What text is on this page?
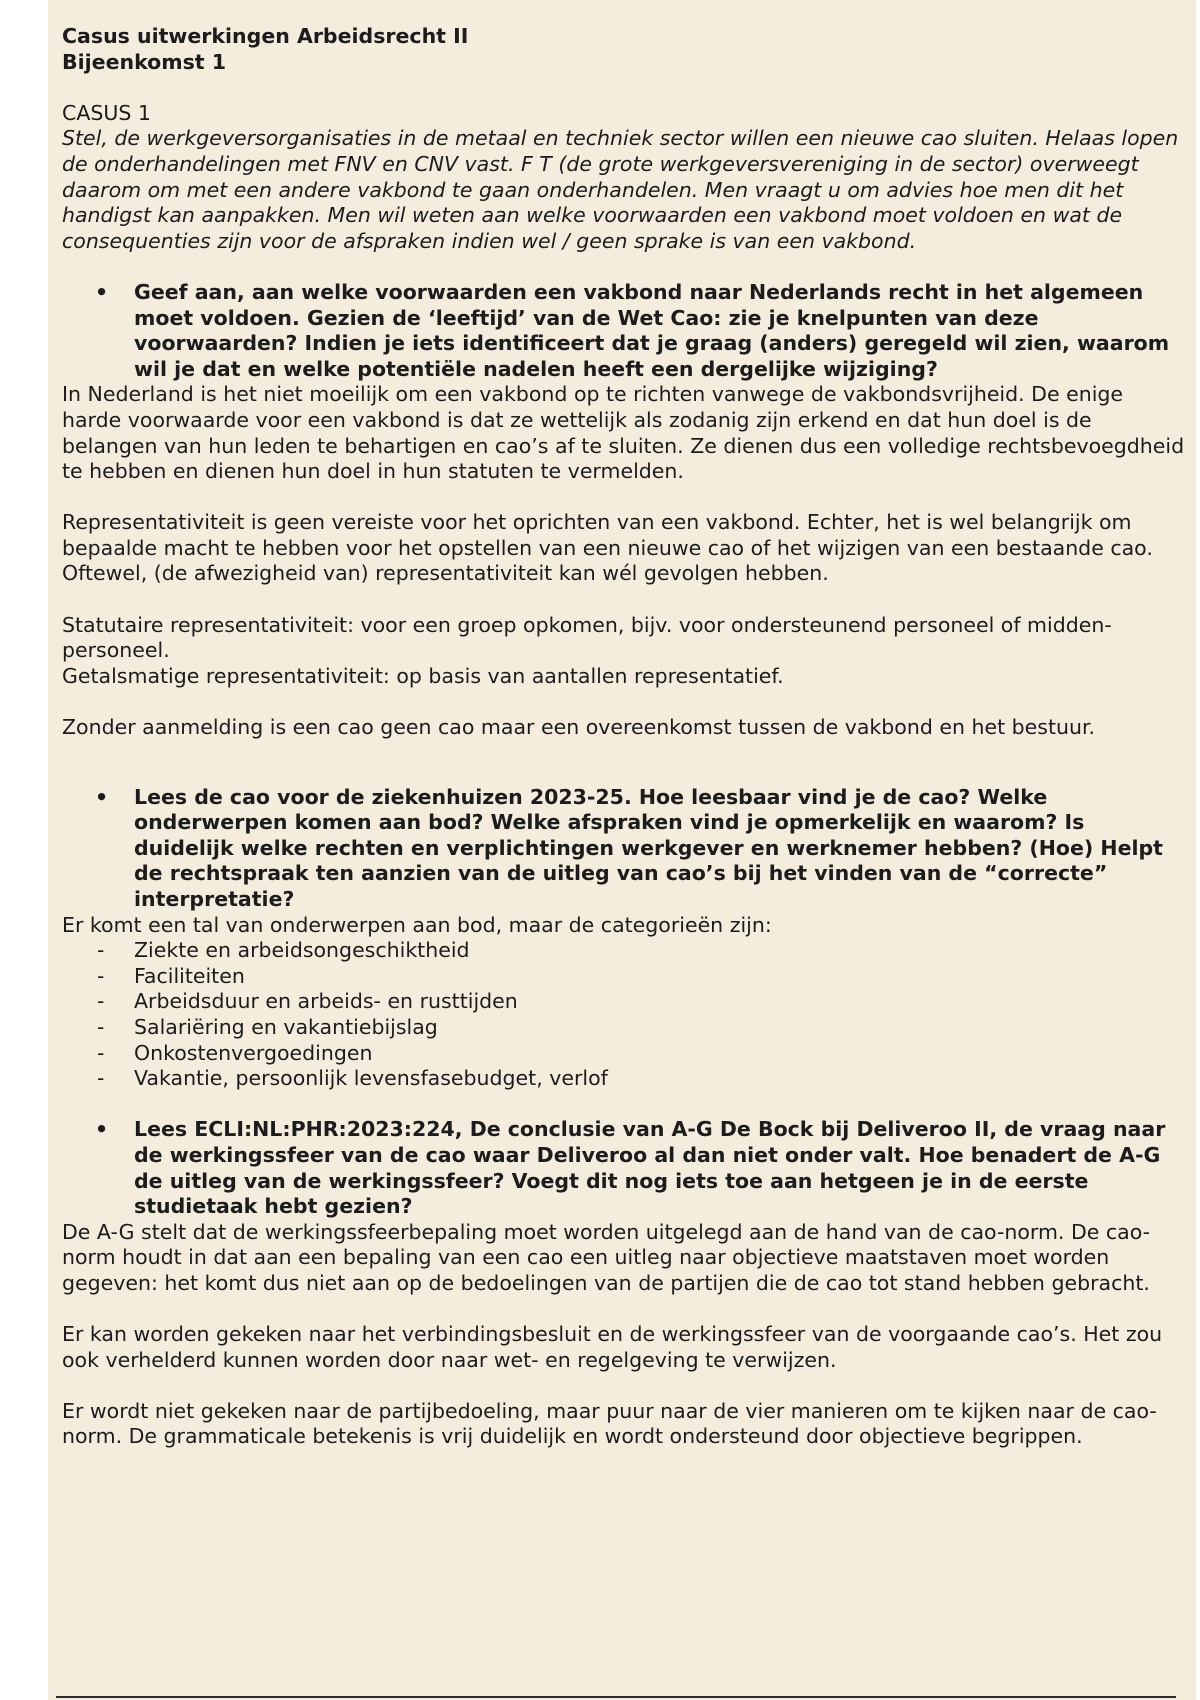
Casus uitwerkingen Arbeidsrecht II

Bijeenkomst 1

CASUS 1

Stel, de werkgeversorganisaties in de metaal en techniek sector willen een nieuwe cao sluiten. Helaas lopen de onderhandelingen met FNV en CNV vast. F T (de grote werkgeversvereniging in de sector) overweegt daarom om met een andere vakbond te gaan onderhandelen. Men vraagt u om advies hoe men dit het handigst kan aanpakken. Men wil weten aan welke voorwaarden een vakbond moet voldoen en wat de consequenties zijn voor de afspraken indien wel / geen sprake is van een vakbond.

• Geef aan, aan welke voorwaarden een vakbond naar Nederlands recht in het algemeen moet voldoen. Gezien de ‘leeftijd’ van de Wet Cao: zie je knelpunten van deze voorwaarden? Indien je iets identificeert dat je graag (anders) geregeld wil zien, waarom wil je dat en welke potentiële nadelen heeft een dergelijke wijziging?

In Nederland is het niet moeilijk om een vakbond op te richten vanwege de vakbondsvrijheid. De enige harde voorwaarde voor een vakbond is dat ze wettelijk als zodanig zijn erkend en dat hun doel is de belangen van hun leden te behartigen en cao’s af te sluiten. Ze dienen dus een volledige rechtsbevoegdheid te hebben en dienen hun doel in hun statuten te vermelden.

Representativiteit is geen vereiste voor het oprichten van een vakbond. Echter, het is wel belangrijk om bepaalde macht te hebben voor het opstellen van een nieuwe cao of het wijzigen van een bestaande cao. Oftewel, (de afwezigheid van) representativiteit kan wél gevolgen hebben.

Statutaire representativiteit: voor een groep opkomen, bijv. voor ondersteunend personeel of midden-personeel.

Getalsmatige representativiteit: op basis van aantallen representatief.

Zonder aanmelding is een cao geen cao maar een overeenkomst tussen de vakbond en het bestuur.

• Lees de cao voor de ziekenhuizen 2023-25. Hoe leesbaar vind je de cao? Welke onderwerpen komen aan bod? Welke afspraken vind je opmerkelijk en waarom? Is duidelijk welke rechten en verplichtingen werkgever en werknemer hebben? (Hoe) Helpt de rechtspraak ten aanzien van de uitleg van cao’s bij het vinden van de “correcte” interpretatie?

Er komt een tal van onderwerpen aan bod, maar de categorieën zijn:

- Ziekte en arbeidsongeschiktheid
- Faciliteiten
- Arbeidsduur en arbeids- en rusttijden
- Salariëring en vakantiebijslag
- Onkostenvergoedingen
- Vakantie, persoonlijk levensfasebudget, verlof
• Lees ECLI:NL:PHR:2023:224, De conclusie van A-G De Bock bij Deliveroo II, de vraag naar de werkingssfeer van de cao waar Deliveroo al dan niet onder valt. Hoe benadert de A-G de uitleg van de werkingssfeer? Voegt dit nog iets toe aan hetgeen je in de eerste studietaak hebt gezien?

De A-G stelt dat de werkingssfeerbepaling moet worden uitgelegd aan de hand van de cao-norm. De cao-norm houdt in dat aan een bepaling van een cao een uitleg naar objectieve maatstaven moet worden gegeven: het komt dus niet aan op de bedoelingen van de partijen die de cao tot stand hebben gebracht.

Er kan worden gekeken naar het verbindingsbesluit en de werkingssfeer van de voorgaande cao’s. Het zou ook verhelderd kunnen worden door naar wet- en regelgeving te verwijzen.

Er wordt niet gekeken naar de partijbedoeling, maar puur naar de vier manieren om te kijken naar de cao-norm. De grammaticale betekenis is vrij duidelijk en wordt ondersteund door objectieve begrippen.
